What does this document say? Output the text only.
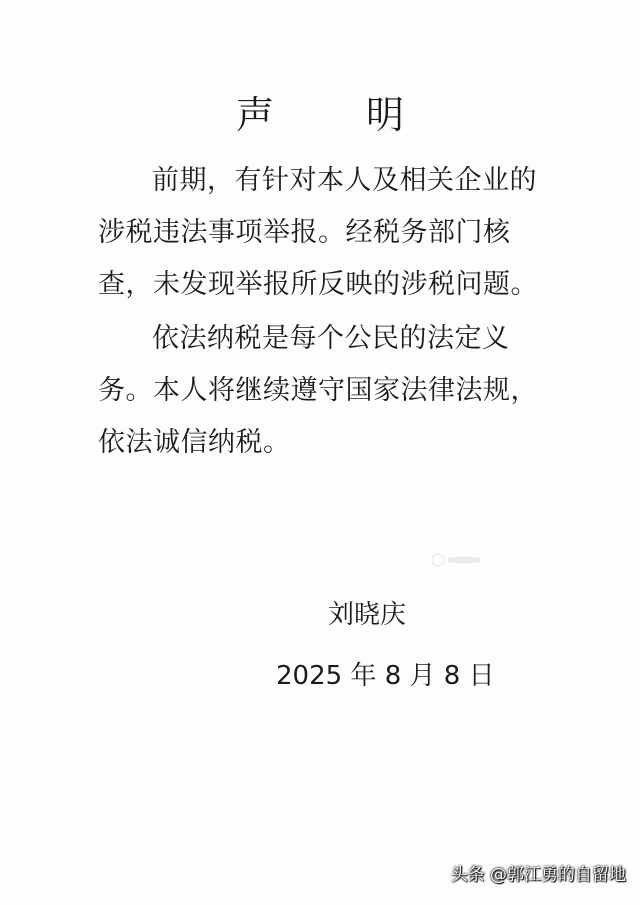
声 明

前期，有针对本人及相关企业的涉税违法事项举报。经税务部门核查，未发现举报所反映的涉税问题。

依法纳税是每个公民的法定义务。本人将继续遵守国家法律法规，依法诚信纳税。

刘晓庆

2025 年 8 月 8 日

头条 @郭江勇的自留地
